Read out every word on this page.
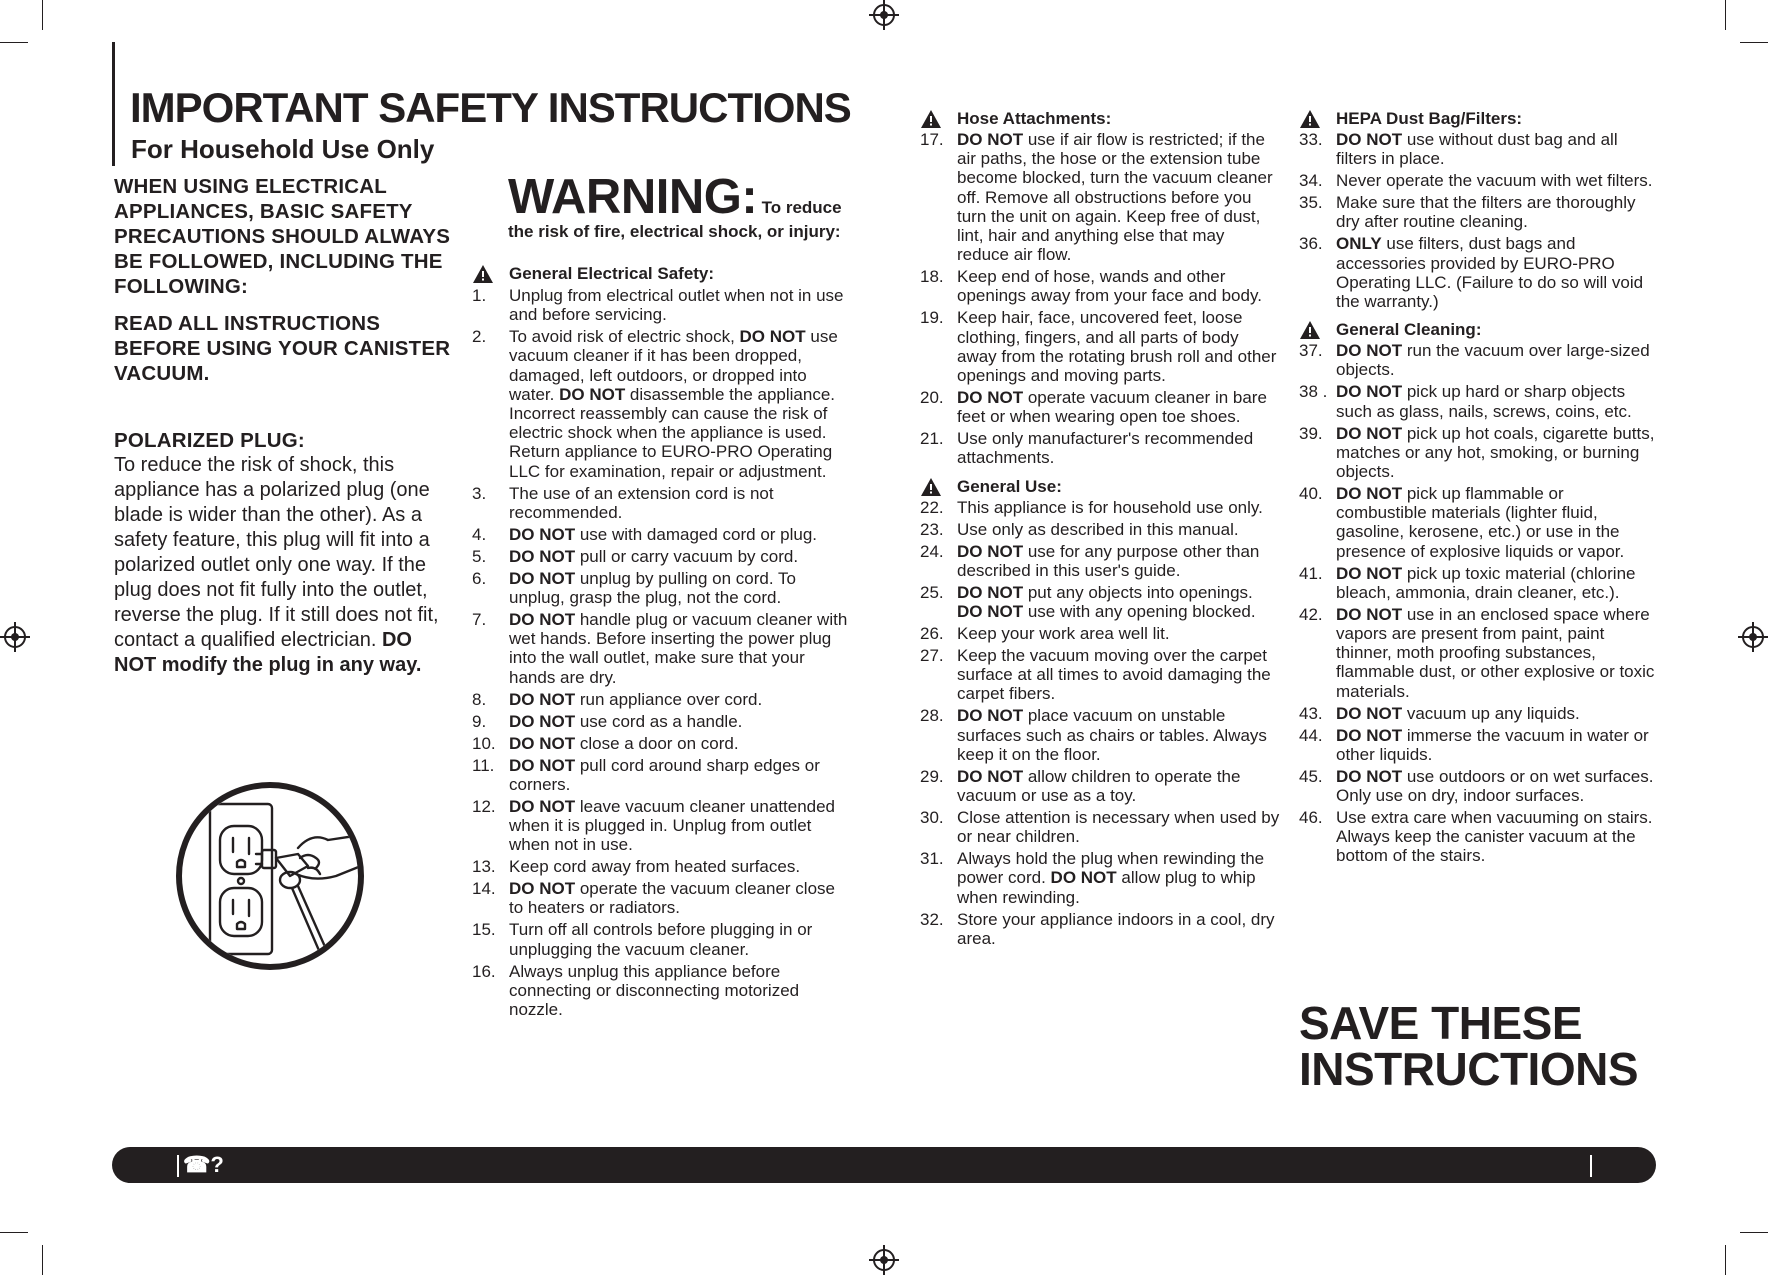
IMPORTANT SAFETY INSTRUCTIONS
For Household Use Only
WHEN USING ELECTRICAL APPLIANCES, BASIC SAFETY PRECAUTIONS SHOULD ALWAYS BE FOLLOWED, INCLUDING THE FOLLOWING:
READ ALL INSTRUCTIONS BEFORE USING YOUR CANISTER VACUUM.
POLARIZED PLUG:
To reduce the risk of shock, this appliance has a polarized plug (one blade is wider than the other). As a safety feature, this plug will fit into a polarized outlet only one way. If the plug does not fit fully into the outlet, reverse the plug. If it still does not fit, contact a qualified electrician. DO NOT modify the plug in any way.
WARNING: To reduce
the risk of fire, electrical shock, or injury:
General Electrical Safety:
1. Unplug from electrical outlet when not in use and before servicing.
2. To avoid risk of electric shock, DO NOT use vacuum cleaner if it has been dropped, damaged, left outdoors, or dropped into water. DO NOT disassemble the appliance. Incorrect reassembly can cause the risk of electric shock when the appliance is used. Return appliance to EURO-PRO Operating LLC for examination, repair or adjustment.
3. The use of an extension cord is not recommended.
4. DO NOT use with damaged cord or plug.
5. DO NOT pull or carry vacuum by cord.
6. DO NOT unplug by pulling on cord. To unplug, grasp the plug, not the cord.
7. DO NOT handle plug or vacuum cleaner with wet hands. Before inserting the power plug into the wall outlet, make sure that your hands are dry.
8. DO NOT run appliance over cord.
9. DO NOT use cord as a handle.
10. DO NOT close a door on cord.
11. DO NOT pull cord around sharp edges or corners.
12. DO NOT leave vacuum cleaner unattended when it is plugged in. Unplug from outlet when not in use.
13. Keep cord away from heated surfaces.
14. DO NOT operate the vacuum cleaner close to heaters or radiators.
15. Turn off all controls before plugging in or unplugging the vacuum cleaner.
16. Always unplug this appliance before connecting or disconnecting motorized nozzle.
Hose Attachments:
17. DO NOT use if air flow is restricted; if the air paths, the hose or the extension tube become blocked, turn the vacuum cleaner off. Remove all obstructions before you turn the unit on again. Keep free of dust, lint, hair and anything else that may reduce air flow.
18. Keep end of hose, wands and other openings away from your face and body.
19. Keep hair, face, uncovered feet, loose clothing, fingers, and all parts of body away from the rotating brush roll and other openings and moving parts.
20. DO NOT operate vacuum cleaner in bare feet or when wearing open toe shoes.
21. Use only manufacturer's recommended attachments.
General Use:
22. This appliance is for household use only.
23. Use only as described in this manual.
24. DO NOT use for any purpose other than described in this user's guide.
25. DO NOT put any objects into openings. DO NOT use with any opening blocked.
26. Keep your work area well lit.
27. Keep the vacuum moving over the carpet surface at all times to avoid damaging the carpet fibers.
28. DO NOT place vacuum on unstable surfaces such as chairs or tables. Always keep it on the floor.
29. DO NOT allow children to operate the vacuum or use as a toy.
30. Close attention is necessary when used by or near children.
31. Always hold the plug when rewinding the power cord. DO NOT allow plug to whip when rewinding.
32. Store your appliance indoors in a cool, dry area.
HEPA Dust Bag/Filters:
33. DO NOT use without dust bag and all filters in place.
34. Never operate the vacuum with wet filters.
35. Make sure that the filters are thoroughly dry after routine cleaning.
36. ONLY use filters, dust bags and accessories provided by EURO-PRO Operating LLC. (Failure to do so will void the warranty.)
General Cleaning:
37. DO NOT run the vacuum over large-sized objects.
38 . DO NOT pick up hard or sharp objects such as glass, nails, screws, coins, etc.
39. DO NOT pick up hot coals, cigarette butts, matches or any hot, smoking, or burning objects.
40. DO NOT pick up flammable or combustible materials (lighter fluid, gasoline, kerosene, etc.) or use in the presence of explosive liquids or vapor.
41. DO NOT pick up toxic material (chlorine bleach, ammonia, drain cleaner, etc.).
42. DO NOT use in an enclosed space where vapors are present from paint, paint thinner, moth proofing substances, flammable dust, or other explosive or toxic materials.
43. DO NOT vacuum up any liquids.
44. DO NOT immerse the vacuum in water or other liquids.
45. DO NOT use outdoors or on wet surfaces. Only use on dry, indoor surfaces.
46. Use extra care when vacuuming on stairs. Always keep the canister vacuum at the bottom of the stairs.
SAVE THESE
INSTRUCTIONS
☎?
